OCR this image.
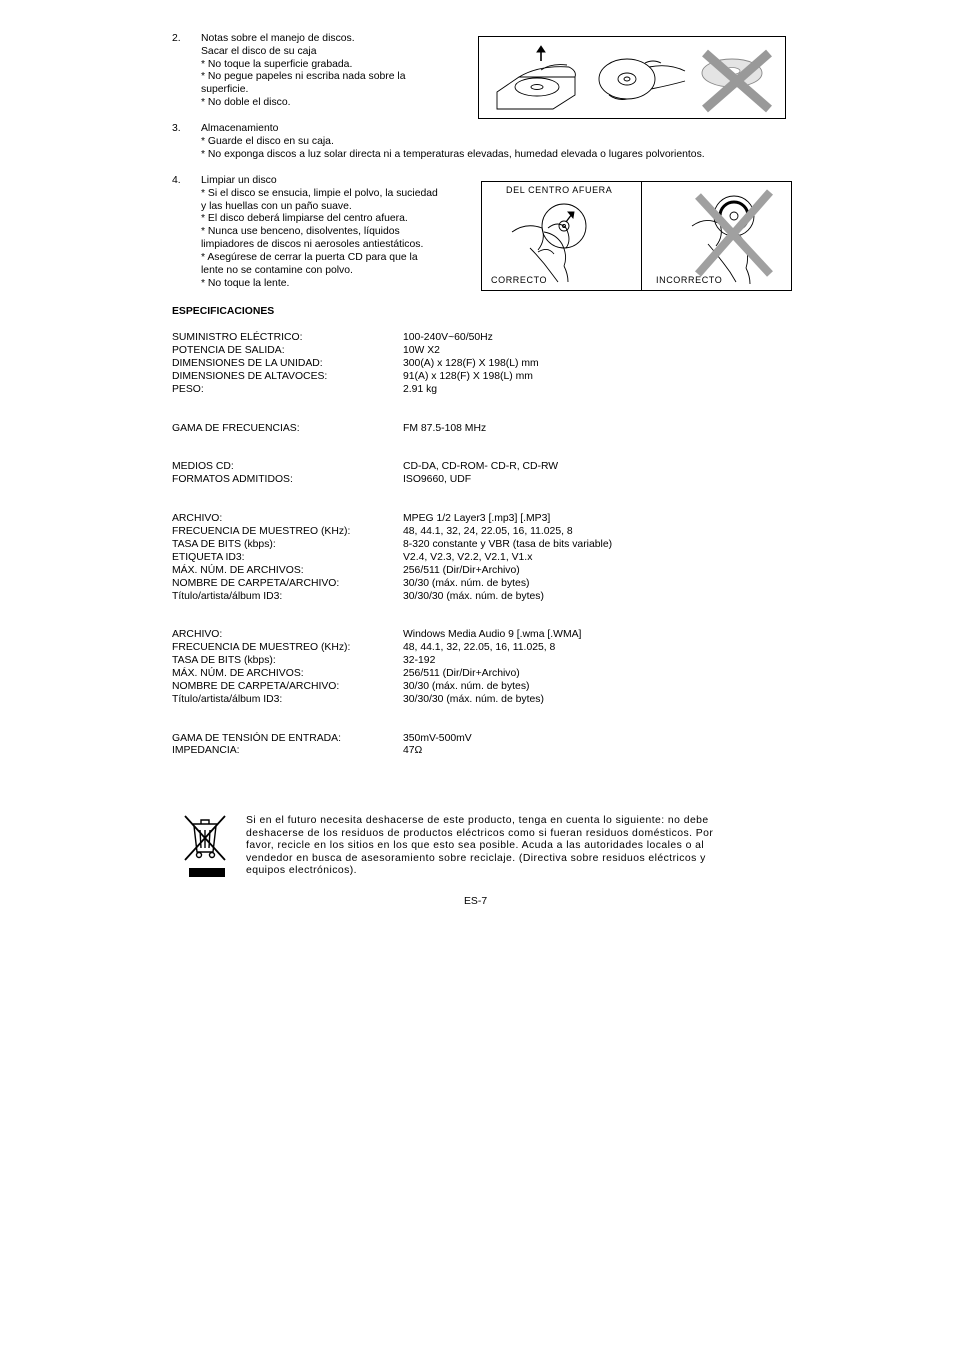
2. Notas sobre el manejo de discos.

Sacar el disco de su caja

* No toque la superficie grabada.

* No pegue papeles ni escriba nada sobre la

superficie.

* No doble el disco.

3. Almacenamiento

* Guarde el disco en su caja.

* No exponga discos a luz solar directa ni a temperaturas elevadas, humedad elevada o lugares polvorientos.

4. Limpiar un disco

* Si el disco se ensucia, limpie el polvo, la suciedad

y las huellas con un paño suave.

* El disco deberá limpiarse del centro afuera.

* Nunca use benceno, disolventes, líquidos

limpiadores de discos ni aerosoles antiestáticos.

* Asegúrese de cerrar la puerta CD para que la

lente no se contamine con polvo.

* No toque la lente.

DEL CENTRO AFUERA
CORRECTO	INCORRECTO

ESPECIFICACIONES

SUMINISTRO ELÉCTRICO:	100-240V~60/50Hz

POTENCIA DE SALIDA:	10W X2

DIMENSIONES DE LA UNIDAD:	300(A) x 128(F) X 198(L) mm

DIMENSIONES DE ALTAVOCES:	91(A) x 128(F) X 198(L) mm

PESO:	2.91 kg

GAMA DE FRECUENCIAS:	FM 87.5-108 MHz

MEDIOS CD:	CD-DA, CD-ROM- CD-R, CD-RW

FORMATOS ADMITIDOS:	ISO9660, UDF

ARCHIVO:	MPEG 1/2 Layer3 [.mp3] [.MP3]

FRECUENCIA DE MUESTREO (KHz):	48, 44.1, 32, 24, 22.05, 16, 11.025, 8

TASA DE BITS (kbps):	8-320 constante y VBR (tasa de bits variable)

ETIQUETA ID3:	V2.4, V2.3, V2.2, V2.1, V1.x

MÁX. NÚM. DE ARCHIVOS:	256/511 (Dir/Dir+Archivo)

NOMBRE DE CARPETA/ARCHIVO:	30/30 (máx. núm. de bytes)

Título/artista/álbum ID3:	30/30/30 (máx. núm. de bytes)

ARCHIVO:	Windows Media Audio 9 [.wma [.WMA]

FRECUENCIA DE MUESTREO (KHz):	48, 44.1, 32, 22.05, 16, 11.025, 8

TASA DE BITS (kbps):	32-192

MÁX. NÚM. DE ARCHIVOS:	256/511 (Dir/Dir+Archivo)

NOMBRE DE CARPETA/ARCHIVO:	30/30 (máx. núm. de bytes)

Título/artista/álbum ID3:	30/30/30 (máx. núm. de bytes)

GAMA DE TENSIÓN DE ENTRADA:	350mV-500mV

IMPEDANCIA:	47Ω

Si en el futuro necesita deshacerse de este producto, tenga en cuenta lo siguiente: no debe

deshacerse de los residuos de productos eléctricos como si fueran residuos domésticos. Por

favor, recicle en los sitios en los que esto sea posible. Acuda a las autoridades locales o al

vendedor en busca de asesoramiento sobre reciclaje. (Directiva sobre residuos eléctricos y

equipos electrónicos).

ES-7
